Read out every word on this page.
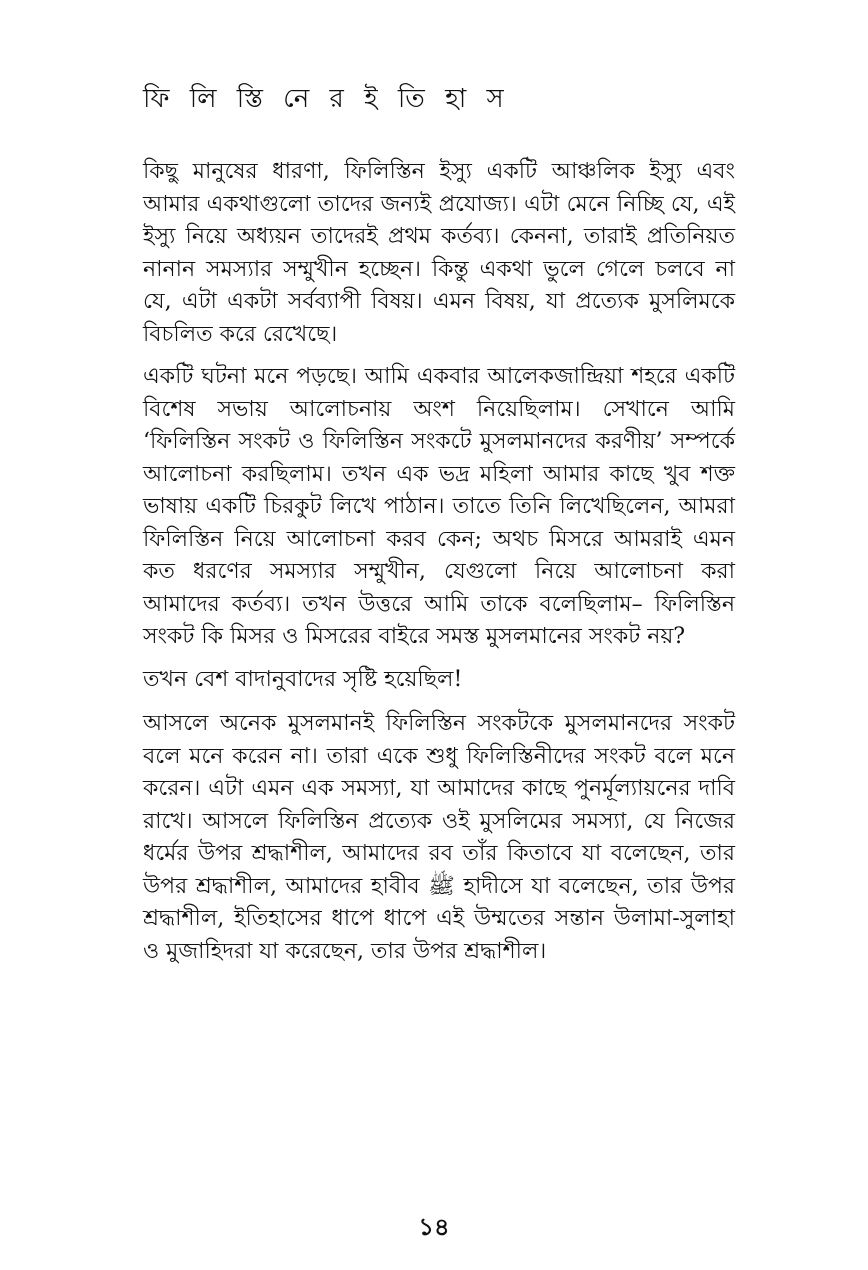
ফি লি স্তি নে র ই তি হা স

কিছু মানুষের ধারণা, ফিলিস্তিন ইস্যু একটি আঞ্চলিক ইস্যু এবং আমার একথাগুলো তাদের জন্যই প্রযোজ্য। এটা মেনে নিচ্ছি যে, এই ইস্যু নিয়ে অধ্যয়ন তাদেরই প্রথম কর্তব্য। কেননা, তারাই প্রতিনিয়ত নানান সমস্যার সম্মুখীন হচ্ছেন। কিন্তু একথা ভুলে গেলে চলবে না যে, এটা একটা সর্বব্যাপী বিষয়। এমন বিষয়, যা প্রত্যেক মুসলিমকে বিচলিত করে রেখেছে।

একটি ঘটনা মনে পড়ছে। আমি একবার আলেকজান্দ্রিয়া শহরে একটি বিশেষ সভায় আলোচনায় অংশ নিয়েছিলাম। সেখানে আমি ‘ফিলিস্তিন সংকট ও ফিলিস্তিন সংকটে মুসলমানদের করণীয়’ সম্পর্কে আলোচনা করছিলাম। তখন এক ভদ্র মহিলা আমার কাছে খুব শক্ত ভাষায় একটি চিরকুট লিখে পাঠান। তাতে তিনি লিখেছিলেন, আমরা ফিলিস্তিন নিয়ে আলোচনা করব কেন; অথচ মিসরে আমরাই এমন কত ধরণের সমস্যার সম্মুখীন, যেগুলো নিয়ে আলোচনা করা আমাদের কর্তব্য। তখন উত্তরে আমি তাকে বলেছিলাম– ফিলিস্তিন সংকট কি মিসর ও মিসরের বাইরে সমস্ত মুসলমানের সংকট নয়?

তখন বেশ বাদানুবাদের সৃষ্টি হয়েছিল!

আসলে অনেক মুসলমানই ফিলিস্তিন সংকটকে মুসলমানদের সংকট বলে মনে করেন না। তারা একে শুধু ফিলিস্তিনীদের সংকট বলে মনে করেন। এটা এমন এক সমস্যা, যা আমাদের কাছে পুনর্মূল্যায়নের দাবি রাখে। আসলে ফিলিস্তিন প্রত্যেক ওই মুসলিমের সমস্যা, যে নিজের ধর্মের উপর শ্রদ্ধাশীল, আমাদের রব তাঁর কিতাবে যা বলেছেন, তার উপর শ্রদ্ধাশীল, আমাদের হাবীব ﷺ হাদীসে যা বলেছেন, তার উপর শ্রদ্ধাশীল, ইতিহাসের ধাপে ধাপে এই উম্মতের সন্তান উলামা-সুলাহা ও মুজাহিদরা যা করেছেন, তার উপর শ্রদ্ধাশীল।

১৪
